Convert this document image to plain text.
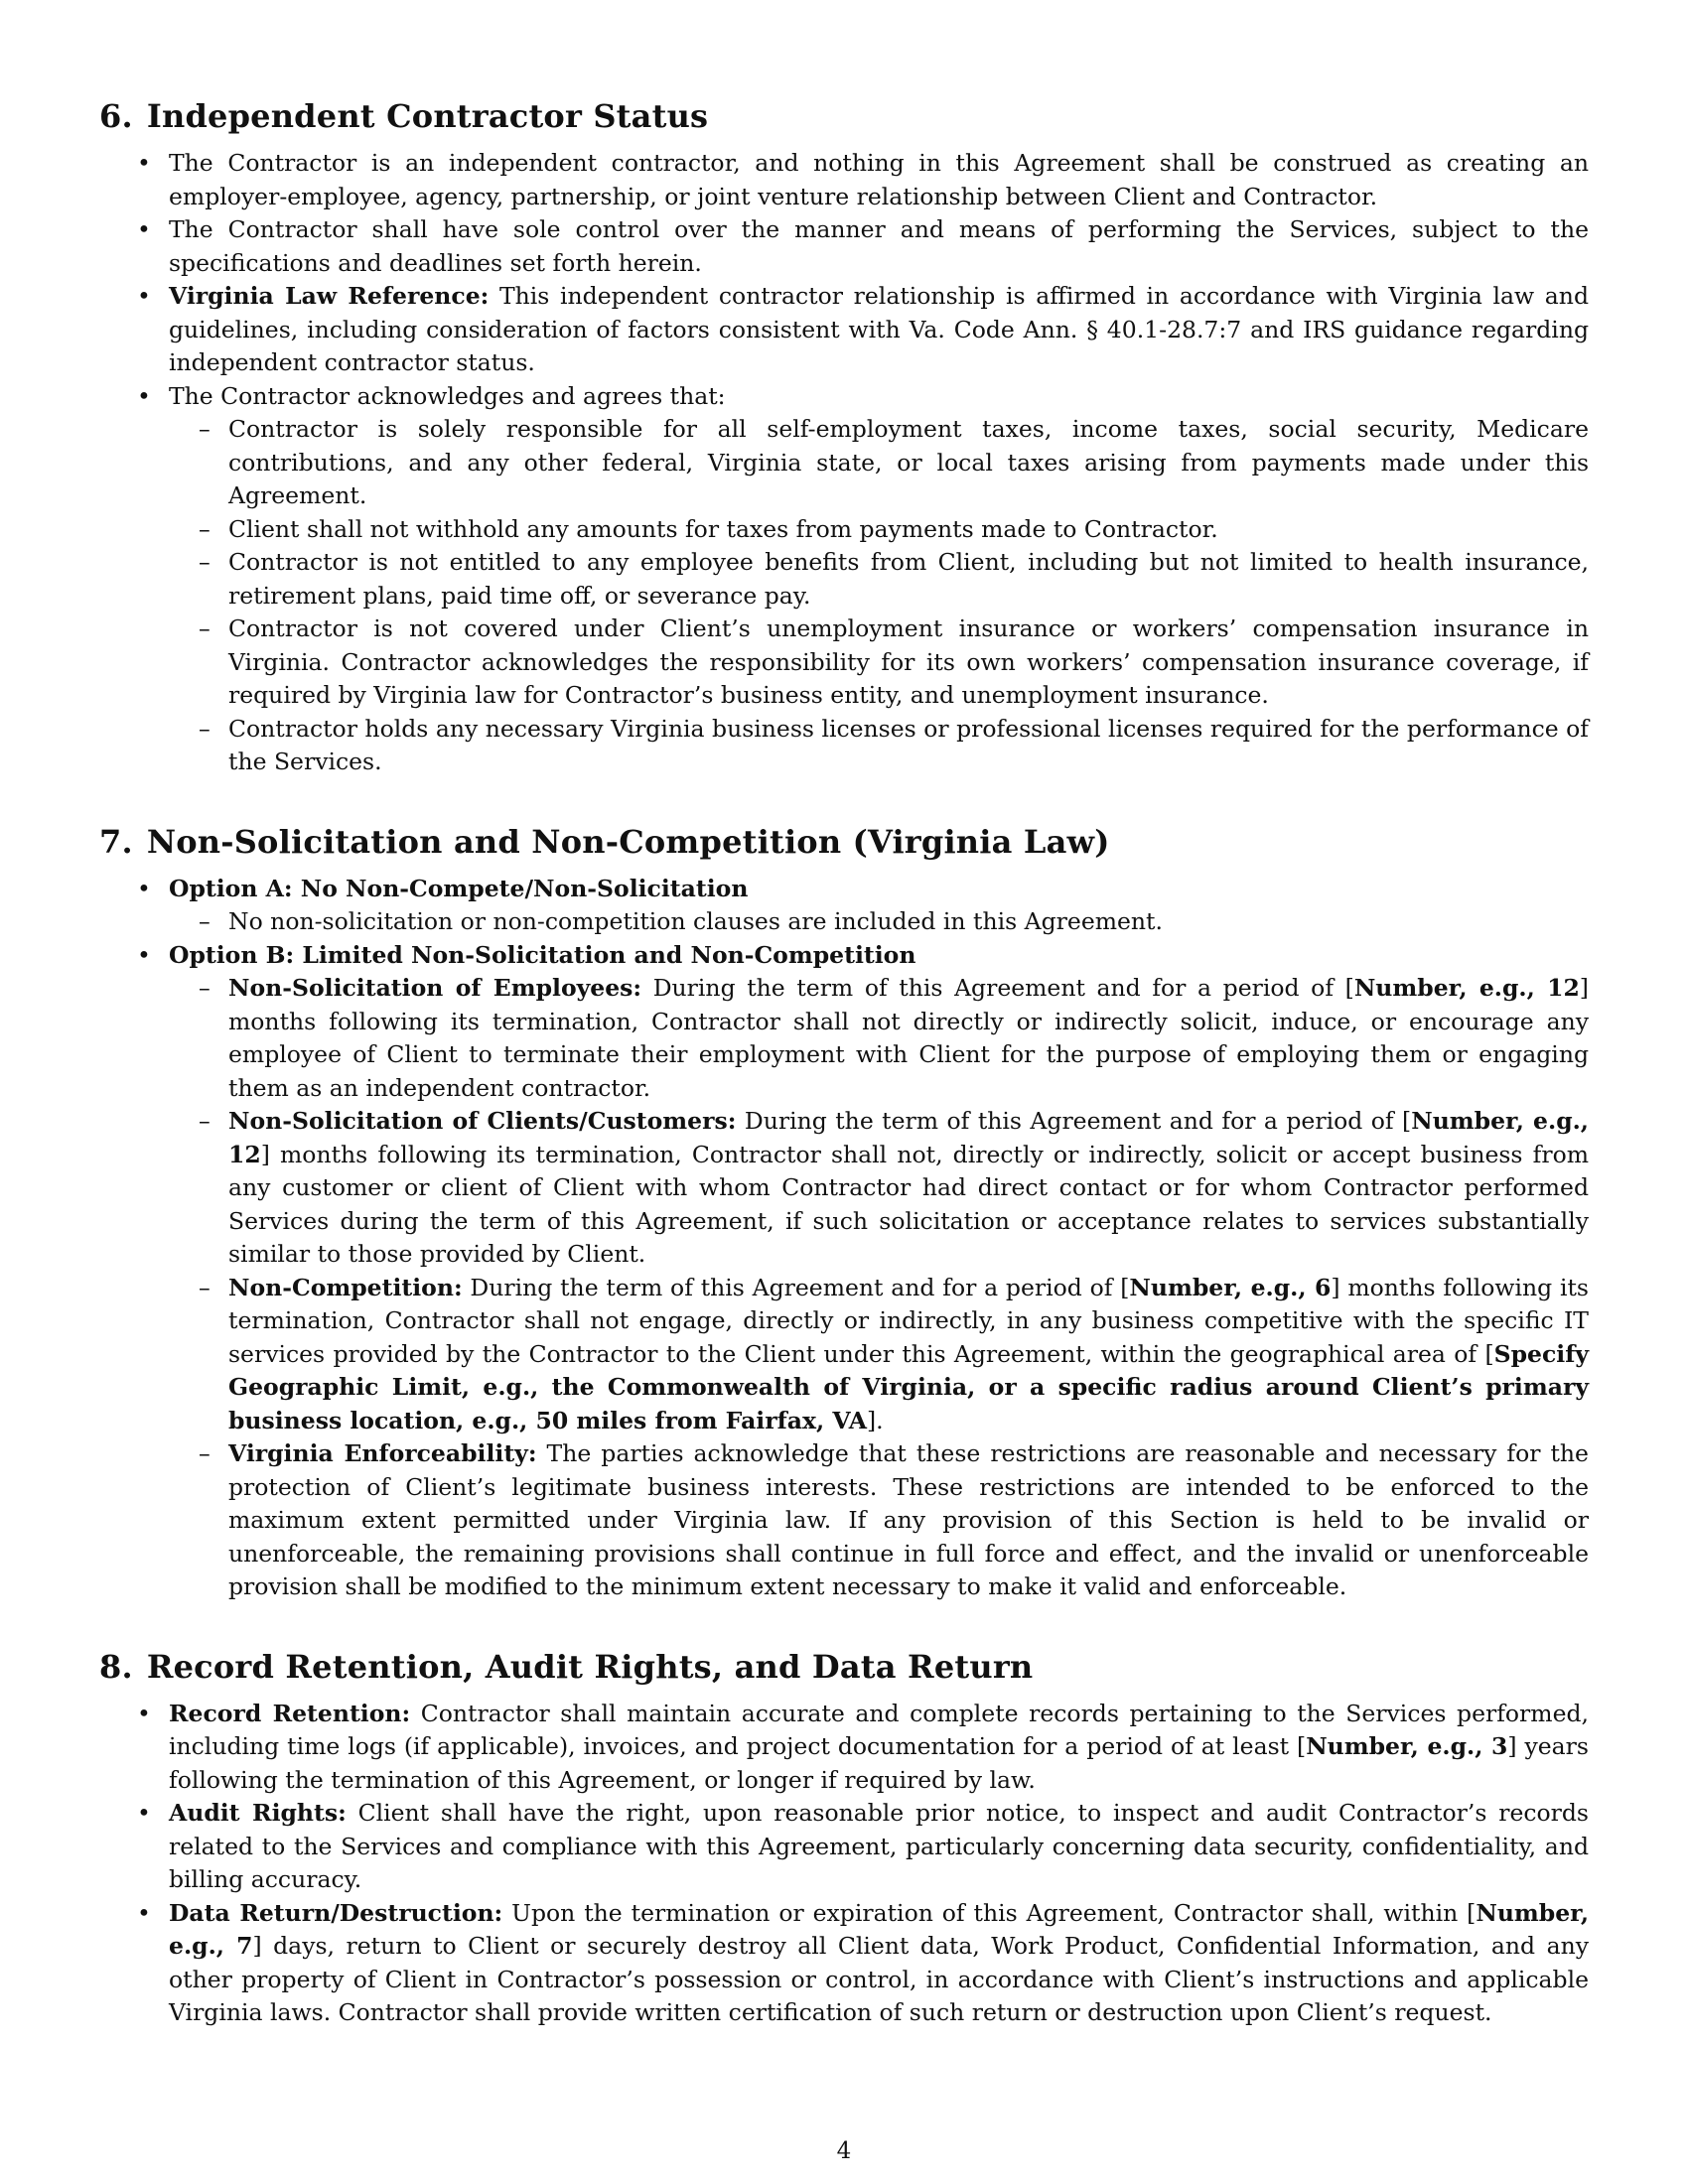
6. Independent Contractor Status
• The Contractor is an independent contractor, and nothing in this Agreement shall be construed as creating an employer-employee, agency, partnership, or joint venture relationship between Client and Contractor.
• The Contractor shall have sole control over the manner and means of performing the Services, subject to the specifications and deadlines set forth herein.
• Virginia Law Reference: This independent contractor relationship is affirmed in accordance with Virginia law and guidelines, including consideration of factors consistent with Va. Code Ann. § 40.1-28.7:7 and IRS guidance regarding independent contractor status.
• The Contractor acknowledges and agrees that:
– Contractor is solely responsible for all self-employment taxes, income taxes, social security, Medicare contributions, and any other federal, Virginia state, or local taxes arising from payments made under this Agreement.
– Client shall not withhold any amounts for taxes from payments made to Contractor.
– Contractor is not entitled to any employee benefits from Client, including but not limited to health insurance, retirement plans, paid time off, or severance pay.
– Contractor is not covered under Client’s unemployment insurance or workers’ compensation insurance in Virginia. Contractor acknowledges the responsibility for its own workers’ compensation insurance coverage, if required by Virginia law for Contractor’s business entity, and unemployment insurance.
– Contractor holds any necessary Virginia business licenses or professional licenses required for the performance of the Services.
7. Non-Solicitation and Non-Competition (Virginia Law)
• Option A: No Non-Compete/Non-Solicitation
– No non-solicitation or non-competition clauses are included in this Agreement.
• Option B: Limited Non-Solicitation and Non-Competition
– Non-Solicitation of Employees: During the term of this Agreement and for a period of [Number, e.g., 12] months following its termination, Contractor shall not directly or indirectly solicit, induce, or encourage any employee of Client to terminate their employment with Client for the purpose of employing them or engaging them as an independent contractor.
– Non-Solicitation of Clients/Customers: During the term of this Agreement and for a period of [Number, e.g., 12] months following its termination, Contractor shall not, directly or indirectly, solicit or accept business from any customer or client of Client with whom Contractor had direct contact or for whom Contractor performed Services during the term of this Agreement, if such solicitation or acceptance relates to services substantially similar to those provided by Client.
– Non-Competition: During the term of this Agreement and for a period of [Number, e.g., 6] months following its termination, Contractor shall not engage, directly or indirectly, in any business competitive with the specific IT services provided by the Contractor to the Client under this Agreement, within the geographical area of [Specify Geographic Limit, e.g., the Commonwealth of Virginia, or a specific radius around Client’s primary business location, e.g., 50 miles from Fairfax, VA].
– Virginia Enforceability: The parties acknowledge that these restrictions are reasonable and necessary for the protection of Client’s legitimate business interests. These restrictions are intended to be enforced to the maximum extent permitted under Virginia law. If any provision of this Section is held to be invalid or unenforceable, the remaining provisions shall continue in full force and effect, and the invalid or unenforceable provision shall be modified to the minimum extent necessary to make it valid and enforceable.
8. Record Retention, Audit Rights, and Data Return
• Record Retention: Contractor shall maintain accurate and complete records pertaining to the Services performed, including time logs (if applicable), invoices, and project documentation for a period of at least [Number, e.g., 3] years following the termination of this Agreement, or longer if required by law.
• Audit Rights: Client shall have the right, upon reasonable prior notice, to inspect and audit Contractor’s records related to the Services and compliance with this Agreement, particularly concerning data security, confidentiality, and billing accuracy.
• Data Return/Destruction: Upon the termination or expiration of this Agreement, Contractor shall, within [Number, e.g., 7] days, return to Client or securely destroy all Client data, Work Product, Confidential Information, and any other property of Client in Contractor’s possession or control, in accordance with Client’s instructions and applicable Virginia laws. Contractor shall provide written certification of such return or destruction upon Client’s request.
4
